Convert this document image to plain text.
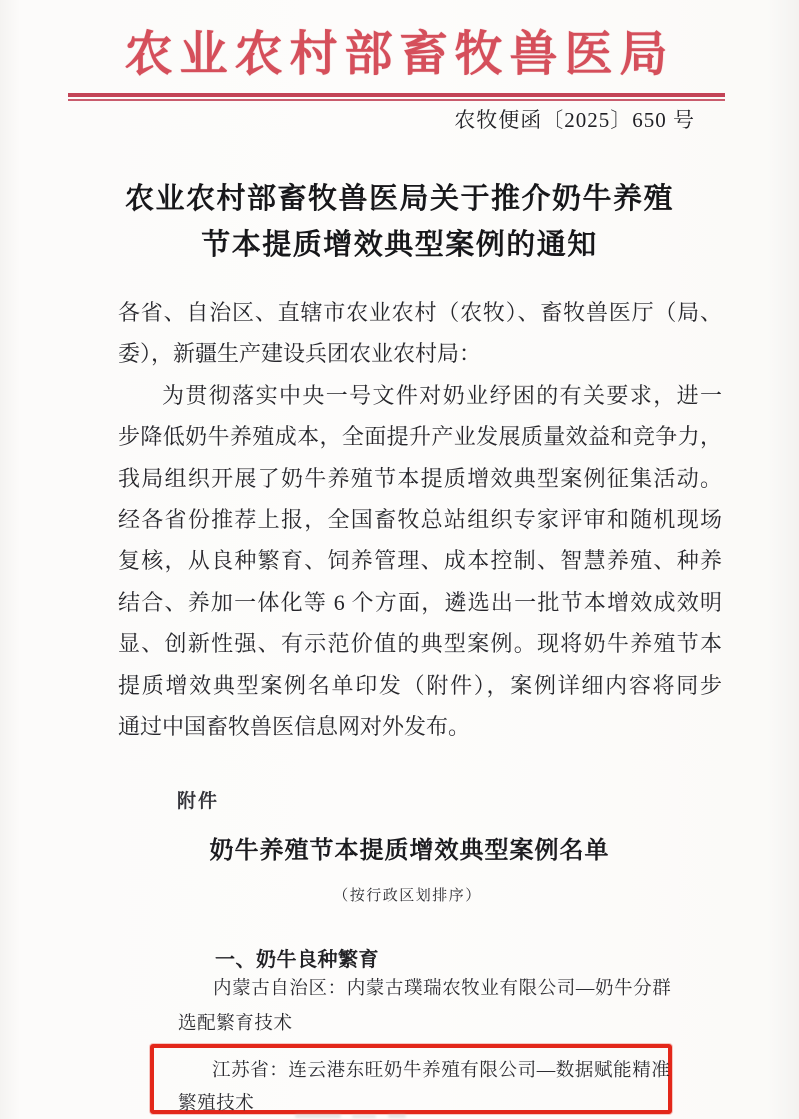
农业农村部畜牧兽医局
农牧便函〔2025〕650 号
农业农村部畜牧兽医局关于推介奶牛养殖
节本提质增效典型案例的通知
各省、自治区、直辖市农业农村（农牧）、畜牧兽医厅（局、
委），新疆生产建设兵团农业农村局：
为贯彻落实中央一号文件对奶业纾困的有关要求，进一
步降低奶牛养殖成本，全面提升产业发展质量效益和竞争力，
我局组织开展了奶牛养殖节本提质增效典型案例征集活动。
经各省份推荐上报，全国畜牧总站组织专家评审和随机现场
复核，从良种繁育、饲养管理、成本控制、智慧养殖、种养
结合、养加一体化等 6 个方面，遴选出一批节本增效成效明
显、创新性强、有示范价值的典型案例。现将奶牛养殖节本
提质增效典型案例名单印发（附件），案例详细内容将同步
通过中国畜牧兽医信息网对外发布。
附件
奶牛养殖节本提质增效典型案例名单
（按行政区划排序）
一、奶牛良种繁育
内蒙古自治区：内蒙古璞瑞农牧业有限公司—奶牛分群
选配繁育技术
江苏省：连云港东旺奶牛养殖有限公司—数据赋能精准
繁殖技术
